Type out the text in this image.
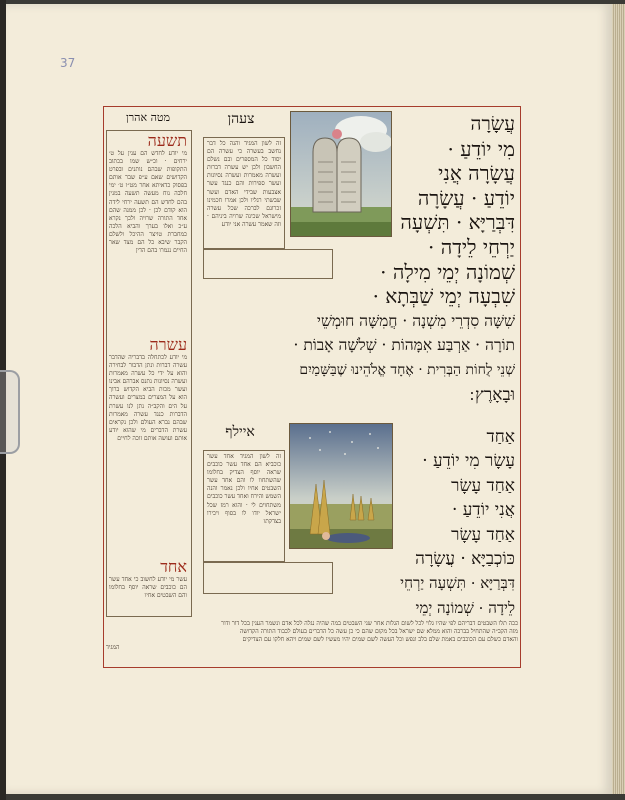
37
מטה אהרן
תשעה
מי יודע לחדש הם ענין על ט׳ ירחים · וכ״ש שמו בכתוב התקופות שבהם נותנים ובפרט הקדושים שאם ע״פ שבר אותם בפסוק כדאיתא אחר מט״ו ט׳ ימי חלבה נוח מעשה תשעה במנין בהם לחדש הם תשעה ירחי לידה הוא קודם לכן · לכן ממנה שהם אחד התורה שרויה ולכך נקרא ע״כ ואלו בערך והביא הלכה כמחברת טויצר ההיכל ולשלם הקבר שיבא כל הם מצד שאר החיים נגמרו בהם הדין
עשרה
מי יודע לכתחלה בדבריה שהדבר עשרה דברות ונתן הדבור לבחירה והוא על ידי כל עשרה מאמרות ועשרה נסיונות נתנס אברהם אבינו ועשר מכות הביא הקדוש ברוך הוא על המצרים במצרים ועשרה על הים והקב״ה נתן לנו עשרת הדברות כנגד עשרה מאמרות שבהם נברא העולם ולכן נקראים עשרת הדברים מי שהוא יודע אותם ועושה אותם זוכה לחיים
אחד
עשר מי יודע לחשוב כי אחד עשר הם כוכבים שראה יוסף בחלומו והם השבטים אחיו
צעהן
זה לשון המגיד והנה כל דבר נחשב בעשרה כי עשרה הם יסוד כל המספרים ובם נשלם החשבון ולכן יש עשרה דברות ועשרה מאמרות ועשרה נסיונות ועשר ספירות והם כנגד עשר אצבעות שבידי האדם ועשר שבשתי רגליו ולכן אמרו חכמינו זכרונם לברכה שכל עשרה מישראל שכינה שרויה ביניהם · וזה שאמר עשרה אני יודע
עֲשָׂרָה
מִי יוֹדֵעַ ·
עֲשָׂרָה אֲנִי
יוֹדֵעַ · עֲשָׂרָה
דִּבְּרַיָּא · תִּשְׁעָה
יַרְחֵי לֵידָה ·
שְׁמוֹנָה יְמֵי מִילָה ·
שִׁבְעָה יְמֵי שַׁבְּתָא ·
שִׁשָּׁה סִדְרֵי מִשְׁנָה · חֲמִשָּׁה חוּמְשֵׁי
תוֹרָה · אַרְבַּע אִמָּהוֹת · שְׁלֹשָׁה אָבוֹת ·
שְׁנֵי לֻחוֹת הַבְּרִית · אֶחָד אֱלֹהֵינוּ שֶׁבַּשָּׁמַיִם
וּבָאָרֶץ ׃
איילף
זה לשון המגיד אחד עשר כוכביא הם אחד עשר כוכבים שראה יוסף הצדיק בחלומו שהשתחוו לו והם אחד עשר השבטים אחיו ולכן נאמר והנה השמש והירח ואחד עשר כוכבים משתחוים לי · והוא רמז שכל ישראל יודו לו בסוף ויכירו בצדקתו
אַחַד
עָשָׂר מִי יוֹדֵעַ ·
אַחַד עָשָׂר
אֲנִי יוֹדֵעַ ·
אַחַד עָשָׂר
כּוֹכְבַיָּא · עֲשָׂרָה
דִּבְּרַיָּא · תִּשְׁעָה יַרְחֵי
לֵידָה · שְׁמוֹנָה יְמֵי
ככה תלו השבטים דבריהם לפי שהיו גלוי לכל לשום הגלות אחר שני השבטים במה שהיה נגלה לכל אדם ונשמר הענין בכל דור ודור
מזה הקב״ה שהתחיל בברכה והוא ממלא שם ישראל בכל מקום שהם כי כן עשה כל הדברים בעולם לכבוד התורה הקדושה
והאדם כשלם עם הכוכבים באמת שלם בלב ונפש וכל העשה לשם שמים יהיו מעשיו לשם שמים ויהא חלקו עם הצדיקים
המגיד
